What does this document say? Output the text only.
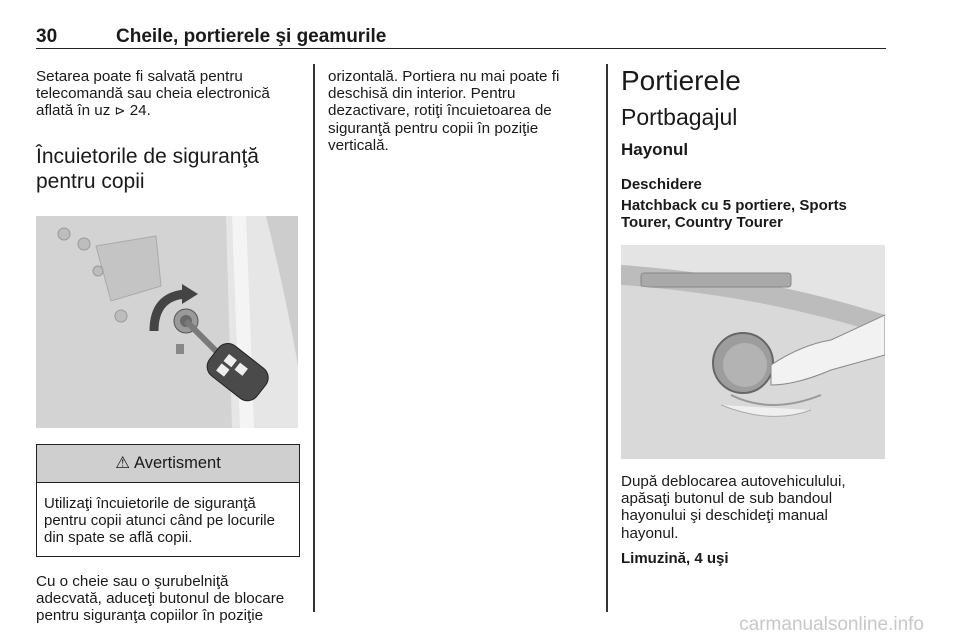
30	Cheile, portierele şi geamurile

Setarea poate fi salvată pentru
telecomandă sau cheia electronică
aflată în uz ⊳ 24.

Încuietorile de siguranţă
pentru copii
⚠ Avertisment
Utilizaţi încuietorile de siguranţă
pentru copii atunci când pe locurile
din spate se află copii.

Cu o cheie sau o şurubelniţă
adecvată, aduceţi butonul de blocare
pentru siguranţa copiilor în poziţie

orizontală. Portiera nu mai poate fi
deschisă din interior. Pentru
dezactivare, rotiţi încuietoarea de
siguranţă pentru copii în poziţie
verticală.

Portierele
Portbagajul
Hayonul
Deschidere
Hatchback cu 5 portiere, Sports
Tourer, Country Tourer

După deblocarea autovehiculului,
apăsaţi butonul de sub bandoul
hayonului şi deschideţi manual
hayonul.

Limuzină, 4 uşi
carmanualsonline.info
